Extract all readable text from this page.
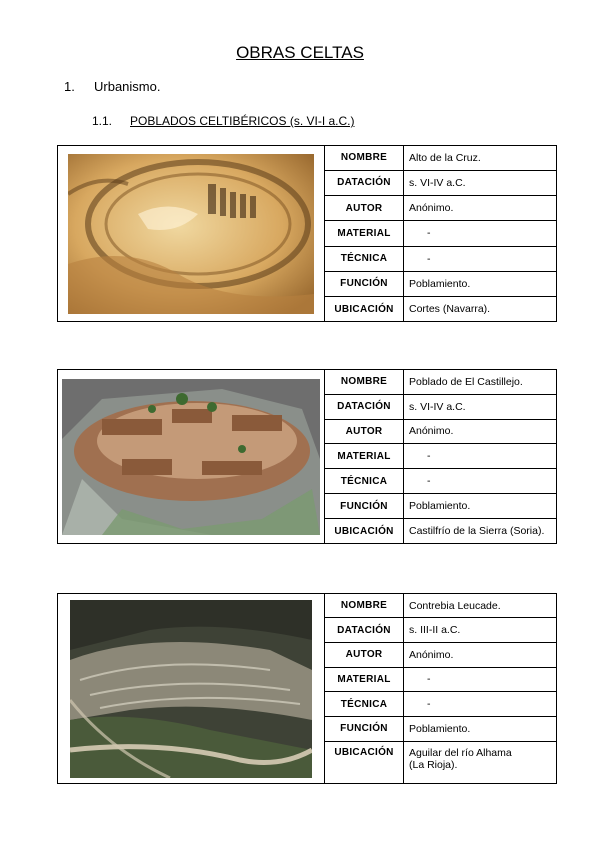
OBRAS CELTAS
1. Urbanismo.
1.1. POBLADOS CELTIBÉRICOS (s. VI-I a.C.)
NOMBRE	Alto de la Cruz.
DATACIÓN	s. VI-IV a.C.
AUTOR	Anónimo.
MATERIAL	-
TÉCNICA	-
FUNCIÓN	Poblamiento.
UBICACIÓN	Cortes (Navarra).
NOMBRE	Poblado de El Castillejo.
DATACIÓN	s. VI-IV a.C.
AUTOR	Anónimo.
MATERIAL	-
TÉCNICA	-
FUNCIÓN	Poblamiento.
UBICACIÓN	Castilfrío de la Sierra (Soria).
NOMBRE	Contrebia Leucade.
DATACIÓN	s. III-II a.C.
AUTOR	Anónimo.
MATERIAL	-
TÉCNICA	-
FUNCIÓN	Poblamiento.
UBICACIÓN	Aguilar del río Alhama
(La Rioja).
